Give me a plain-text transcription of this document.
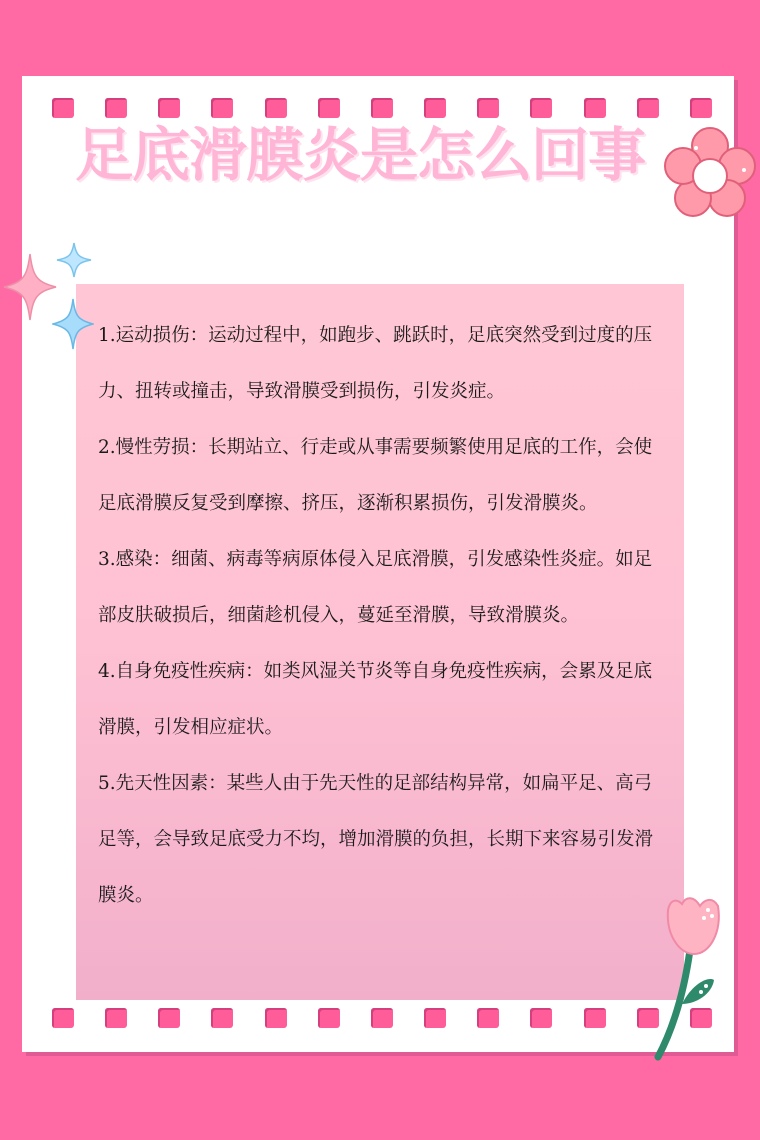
足底滑膜炎是怎么回事

1.运动损伤：运动过程中，如跑步、跳跃时，足底突然受到过度的压力、扭转或撞击，导致滑膜受到损伤，引发炎症。

2.慢性劳损：长期站立、行走或从事需要频繁使用足底的工作，会使足底滑膜反复受到摩擦、挤压，逐渐积累损伤，引发滑膜炎。

3.感染：细菌、病毒等病原体侵入足底滑膜，引发感染性炎症。如足部皮肤破损后，细菌趁机侵入，蔓延至滑膜，导致滑膜炎。

4.自身免疫性疾病：如类风湿关节炎等自身免疫性疾病，会累及足底滑膜，引发相应症状。

5.先天性因素：某些人由于先天性的足部结构异常，如扁平足、高弓足等，会导致足底受力不均，增加滑膜的负担，长期下来容易引发滑膜炎。
